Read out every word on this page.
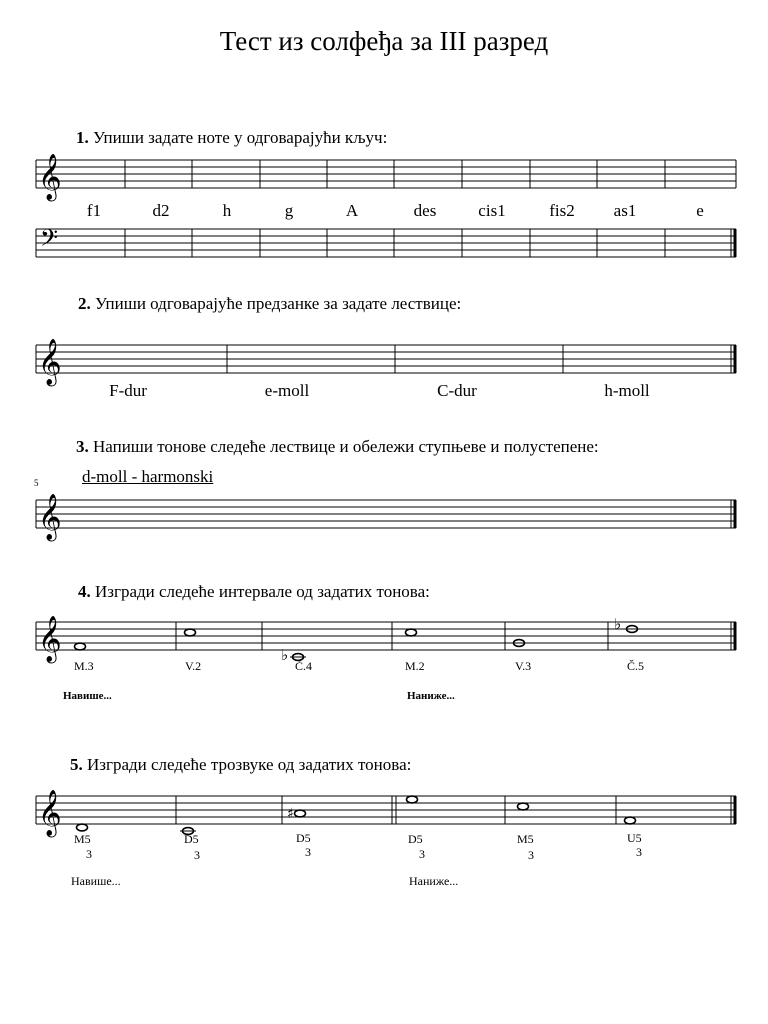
Тест из солфеђа за III разред
1. Упиши задате ноте у одговарајући кључ:
𝄞
f1	d2	h	g	A	des cis1	fis2 as1	e
𝄢
2. Упиши одговарајуће предзанке за задате лествице:
𝄞
F-dur	e-moll	C-dur	h-moll
3. Напиши тонове следеће лествице и обележи ступњеве и полустепене:
d-moll - harmonski
5
𝄞
4. Изгради следеће интервале од задатих тонова:
𝄞	♭
♭
M.3	V.2	Č.4	M.2	V.3	Č.5
Навише...	Наниже...
5. Изгради следеће трозвуке од задатих тонова:
𝄞	♯
M5
3
D5
3
D5
3
D5
3
M5
3
U5
3
Навише...	Наниже...
